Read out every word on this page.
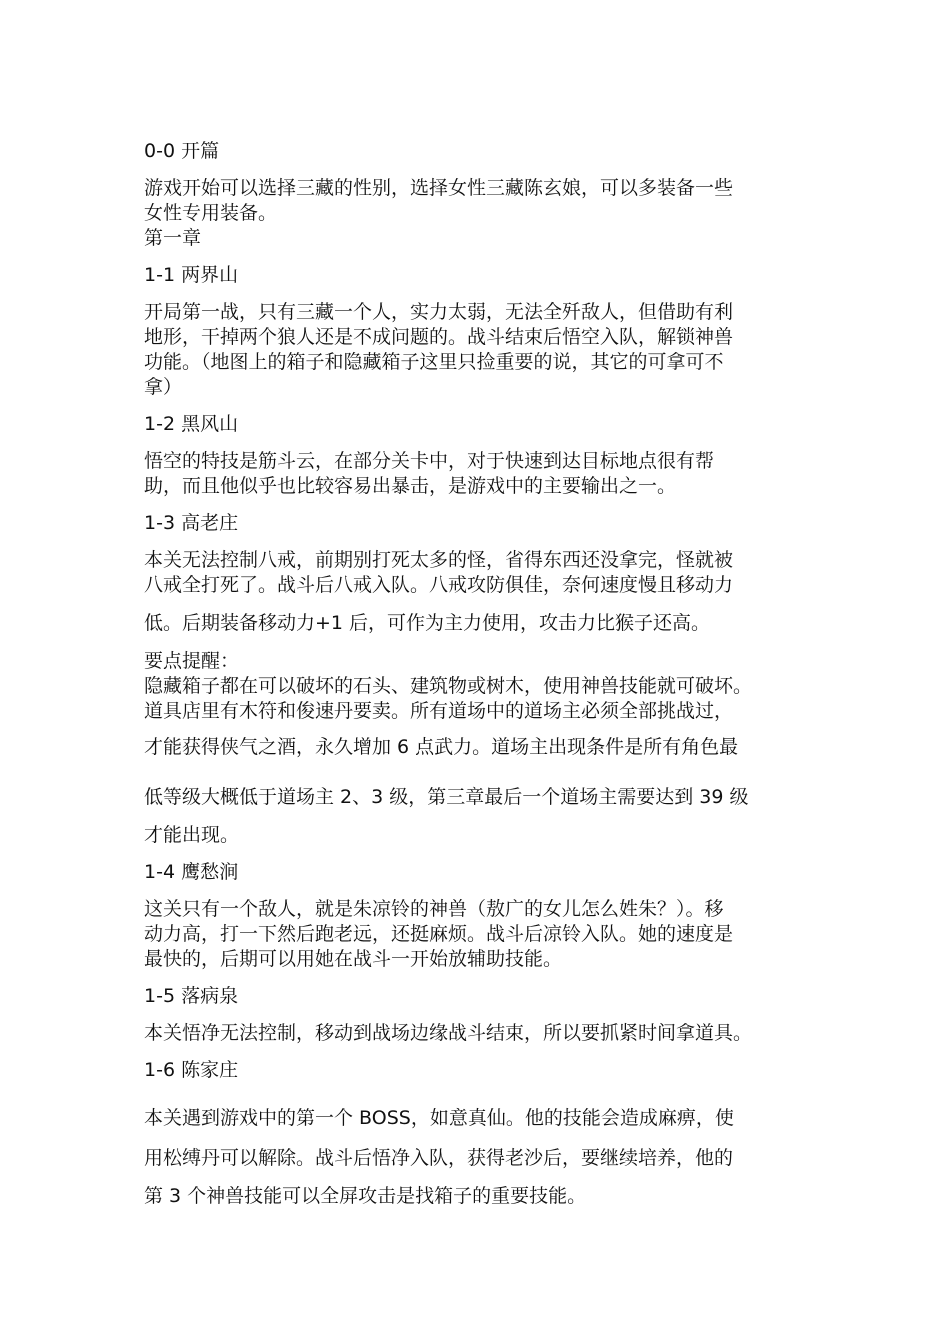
0-0 开篇

游戏开始可以选择三藏的性别，选择女性三藏陈玄娘，可以多装备一些

女性专用装备。

第一章

1-1 两界山

开局第一战，只有三藏一个人，实力太弱，无法全歼敌人，但借助有利

地形，干掉两个狼人还是不成问题的。战斗结束后悟空入队，解锁神兽

功能。（地图上的箱子和隐藏箱子这里只捡重要的说，其它的可拿可不

拿）

1-2 黑风山

悟空的特技是筋斗云，在部分关卡中，对于快速到达目标地点很有帮

助，而且他似乎也比较容易出暴击，是游戏中的主要输出之一。

1-3 高老庄

本关无法控制八戒，前期别打死太多的怪，省得东西还没拿完，怪就被

八戒全打死了。战斗后八戒入队。八戒攻防俱佳，奈何速度慢且移动力

低。后期装备移动力+1 后，可作为主力使用，攻击力比猴子还高。

要点提醒：

隐藏箱子都在可以破坏的石头、建筑物或树木，使用神兽技能就可破坏。

道具店里有木符和俊速丹要卖。所有道场中的道场主必须全部挑战过，

才能获得侠气之酒，永久增加 6 点武力。道场主出现条件是所有角色最

低等级大概低于道场主 2、3 级，第三章最后一个道场主需要达到 39 级

才能出现。

1-4 鹰愁涧

这关只有一个敌人，就是朱凉铃的神兽（敖广的女儿怎么姓朱？）。移

动力高，打一下然后跑老远，还挺麻烦。战斗后凉铃入队。她的速度是

最快的，后期可以用她在战斗一开始放辅助技能。

1-5 落病泉

本关悟净无法控制，移动到战场边缘战斗结束，所以要抓紧时间拿道具。

1-6 陈家庄

本关遇到游戏中的第一个 BOSS，如意真仙。他的技能会造成麻痹，使

用松缚丹可以解除。战斗后悟净入队，获得老沙后，要继续培养，他的

第 3 个神兽技能可以全屏攻击是找箱子的重要技能。
